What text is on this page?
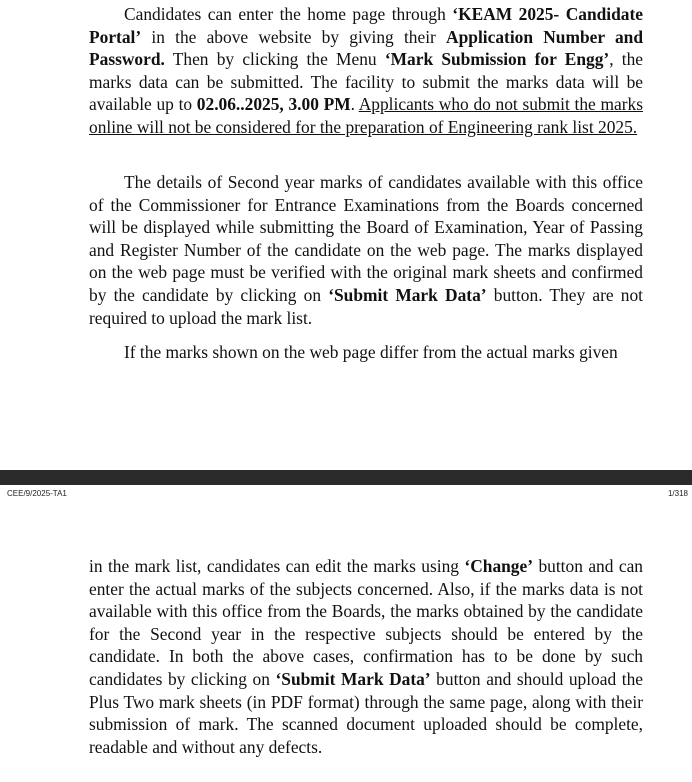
Candidates can enter the home page through ‘KEAM 2025- Candidate Portal’ in the above website by giving their Application Number and Password. Then by clicking the Menu ‘Mark Submission for Engg’, the marks data can be submitted. The facility to submit the marks data will be available up to 02.06..2025, 3.00 PM. Applicants who do not submit the marks online will not be considered for the preparation of Engineering rank list 2025.

The details of Second year marks of candidates available with this office of the Commissioner for Entrance Examinations from the Boards concerned will be displayed while submitting the Board of Examination, Year of Passing and Register Number of the candidate on the web page. The marks displayed on the web page must be verified with the original mark sheets and confirmed by the candidate by clicking on ‘Submit Mark Data’ button. They are not required to upload the mark list.

If the marks shown on the web page differ from the actual marks given

CEE/9/2025-TA1	1/318

in the mark list, candidates can edit the marks using ‘Change’ button and can enter the actual marks of the subjects concerned. Also, if the marks data is not available with this office from the Boards, the marks obtained by the candidate for the Second year in the respective subjects should be entered by the candidate. In both the above cases, confirmation has to be done by such candidates by clicking on ‘Submit Mark Data’ button and should upload the Plus Two mark sheets (in PDF format) through the same page, along with their submission of mark. The scanned document uploaded should be complete, readable and without any defects.
